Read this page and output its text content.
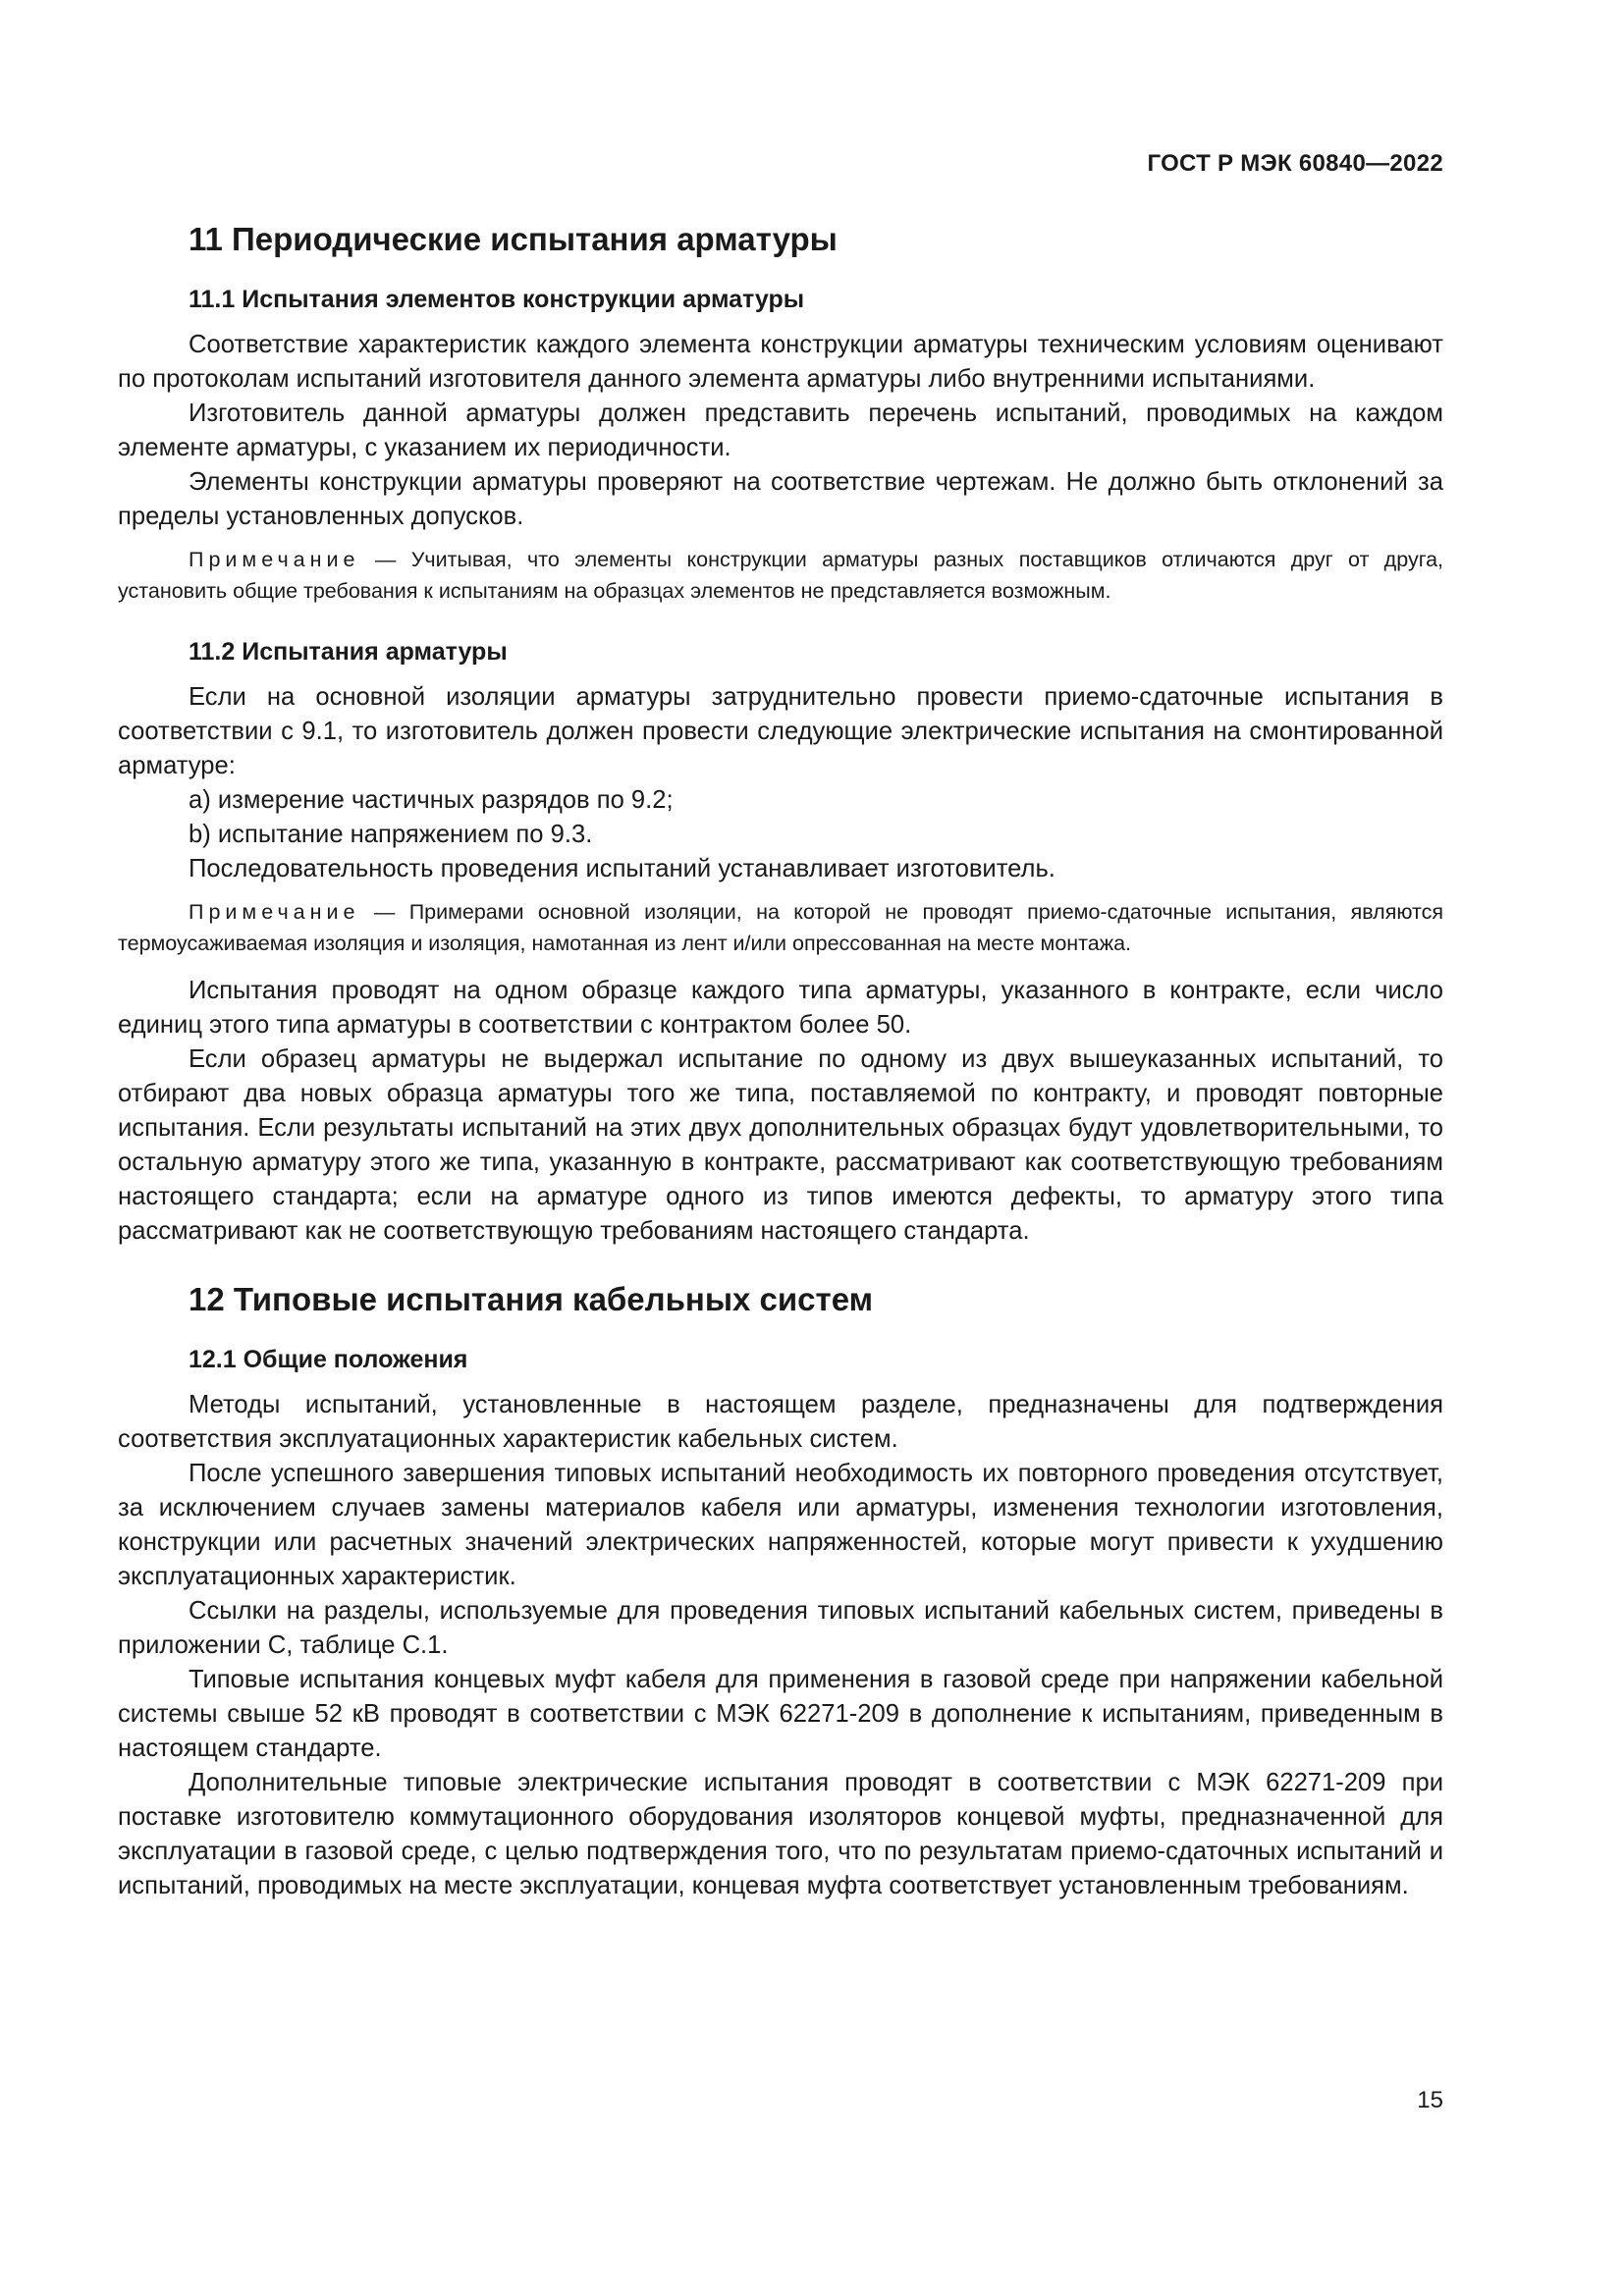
ГОСТ Р МЭК 60840—2022
11 Периодические испытания арматуры
11.1 Испытания элементов конструкции арматуры

Соответствие характеристик каждого элемента конструкции арматуры техническим условиям оценивают по протоколам испытаний изготовителя данного элемента арматуры либо внутренними испытаниями.

Изготовитель данной арматуры должен представить перечень испытаний, проводимых на каждом элементе арматуры, с указанием их периодичности.

Элементы конструкции арматуры проверяют на соответствие чертежам. Не должно быть отклонений за пределы установленных допусков.

Примечание — Учитывая, что элементы конструкции арматуры разных поставщиков отличаются друг от друга, установить общие требования к испытаниям на образцах элементов не представляется возможным.
11.2 Испытания арматуры

Если на основной изоляции арматуры затруднительно провести приемо-сдаточные испытания в соответствии с 9.1, то изготовитель должен провести следующие электрические испытания на смонтированной арматуре:

a) измерение частичных разрядов по 9.2;

b) испытание напряжением по 9.3.

Последовательность проведения испытаний устанавливает изготовитель.

Примечание — Примерами основной изоляции, на которой не проводят приемо-сдаточные испытания, являются термоусаживаемая изоляция и изоляция, намотанная из лент и/или опрессованная на месте монтажа.

Испытания проводят на одном образце каждого типа арматуры, указанного в контракте, если число единиц этого типа арматуры в соответствии с контрактом более 50.

Если образец арматуры не выдержал испытание по одному из двух вышеуказанных испытаний, то отбирают два новых образца арматуры того же типа, поставляемой по контракту, и проводят повторные испытания. Если результаты испытаний на этих двух дополнительных образцах будут удовлетворительными, то остальную арматуру этого же типа, указанную в контракте, рассматривают как соответствующую требованиям настоящего стандарта; если на арматуре одного из типов имеются дефекты, то арматуру этого типа рассматривают как не соответствующую требованиям настоящего стандарта.

12 Типовые испытания кабельных систем
12.1 Общие положения

Методы испытаний, установленные в настоящем разделе, предназначены для подтверждения соответствия эксплуатационных характеристик кабельных систем.

После успешного завершения типовых испытаний необходимость их повторного проведения отсутствует, за исключением случаев замены материалов кабеля или арматуры, изменения технологии изготовления, конструкции или расчетных значений электрических напряженностей, которые могут привести к ухудшению эксплуатационных характеристик.

Ссылки на разделы, используемые для проведения типовых испытаний кабельных систем, приведены в приложении С, таблице С.1.

Типовые испытания концевых муфт кабеля для применения в газовой среде при напряжении кабельной системы свыше 52 кВ проводят в соответствии с МЭК 62271-209 в дополнение к испытаниям, приведенным в настоящем стандарте.

Дополнительные типовые электрические испытания проводят в соответствии с МЭК 62271-209 при поставке изготовителю коммутационного оборудования изоляторов концевой муфты, предназначенной для эксплуатации в газовой среде, с целью подтверждения того, что по результатам приемо-сдаточных испытаний и испытаний, проводимых на месте эксплуатации, концевая муфта соответствует установленным требованиям.

15
